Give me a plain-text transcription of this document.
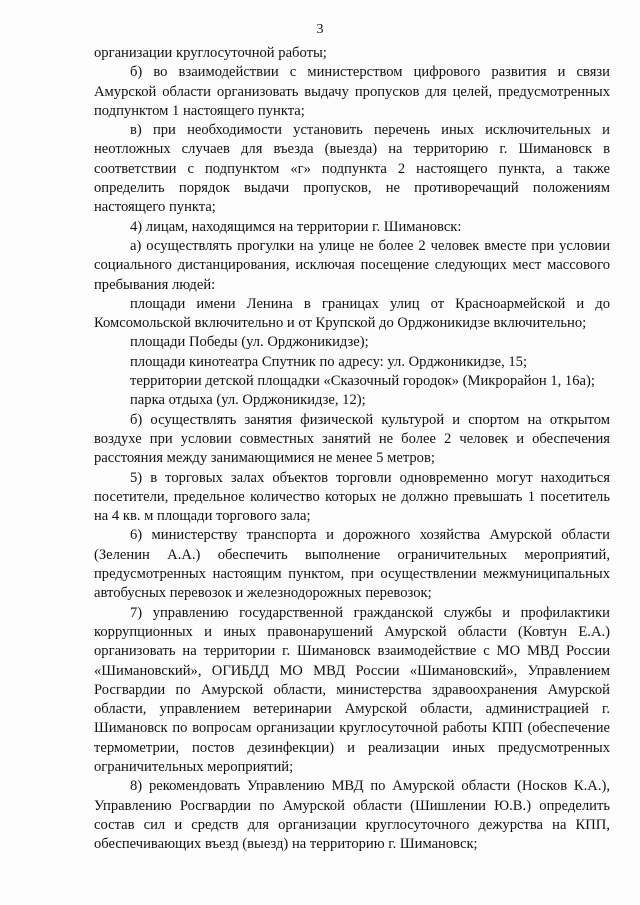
3

организации круглосуточной работы;

б) во взаимодействии с министерством цифрового развития и связи Амурской области организовать выдачу пропусков для целей, предусмотренных подпунктом 1 настоящего пункта;

в) при необходимости установить перечень иных исключительных и неотложных случаев для въезда (выезда) на территорию г. Шимановск в соответствии с подпунктом «г» подпункта 2 настоящего пункта, а также определить порядок выдачи пропусков, не противоречащий положениям настоящего пункта;

4) лицам, находящимся на территории г. Шимановск:

а) осуществлять прогулки на улице не более 2 человек вместе при условии социального дистанцирования, исключая посещение следующих мест массового пребывания людей:

площади имени Ленина в границах улиц от Красноармейской и до Комсомольской включительно и от Крупской до Орджоникидзе включительно;

площади Победы (ул. Орджоникидзе);

площади кинотеатра Спутник по адресу: ул. Орджоникидзе, 15;

территории детской площадки «Сказочный городок» (Микрорайон 1, 16а);

парка отдыха (ул. Орджоникидзе, 12);

б) осуществлять занятия физической культурой и спортом на открытом воздухе при условии совместных занятий не более 2 человек и обеспечения расстояния между занимающимися не менее 5 метров;

5) в торговых залах объектов торговли одновременно могут находиться посетители, предельное количество которых не должно превышать 1 посетитель на 4 кв. м площади торгового зала;

6) министерству транспорта и дорожного хозяйства Амурской области (Зеленин А.А.) обеспечить выполнение ограничительных мероприятий, предусмотренных настоящим пунктом, при осуществлении межмуниципальных автобусных перевозок и железнодорожных перевозок;

7) управлению государственной гражданской службы и профилактики коррупционных и иных правонарушений Амурской области (Ковтун Е.А.) организовать на территории г. Шимановск взаимодействие с МО МВД России «Шимановский», ОГИБДД МО МВД России «Шимановский», Управлением Росгвардии по Амурской области, министерства здравоохранения Амурской области, управлением ветеринарии Амурской области, администрацией г. Шимановск по вопросам организации круглосуточной работы КПП (обеспечение термометрии, постов дезинфекции) и реализации иных предусмотренных ограничительных мероприятий;

8) рекомендовать Управлению МВД по Амурской области (Носков К.А.), Управлению Росгвардии по Амурской области (Шишлении Ю.В.) определить состав сил и средств для организации круглосуточного дежурства на КПП, обеспечивающих въезд (выезд) на территорию г. Шимановск;
